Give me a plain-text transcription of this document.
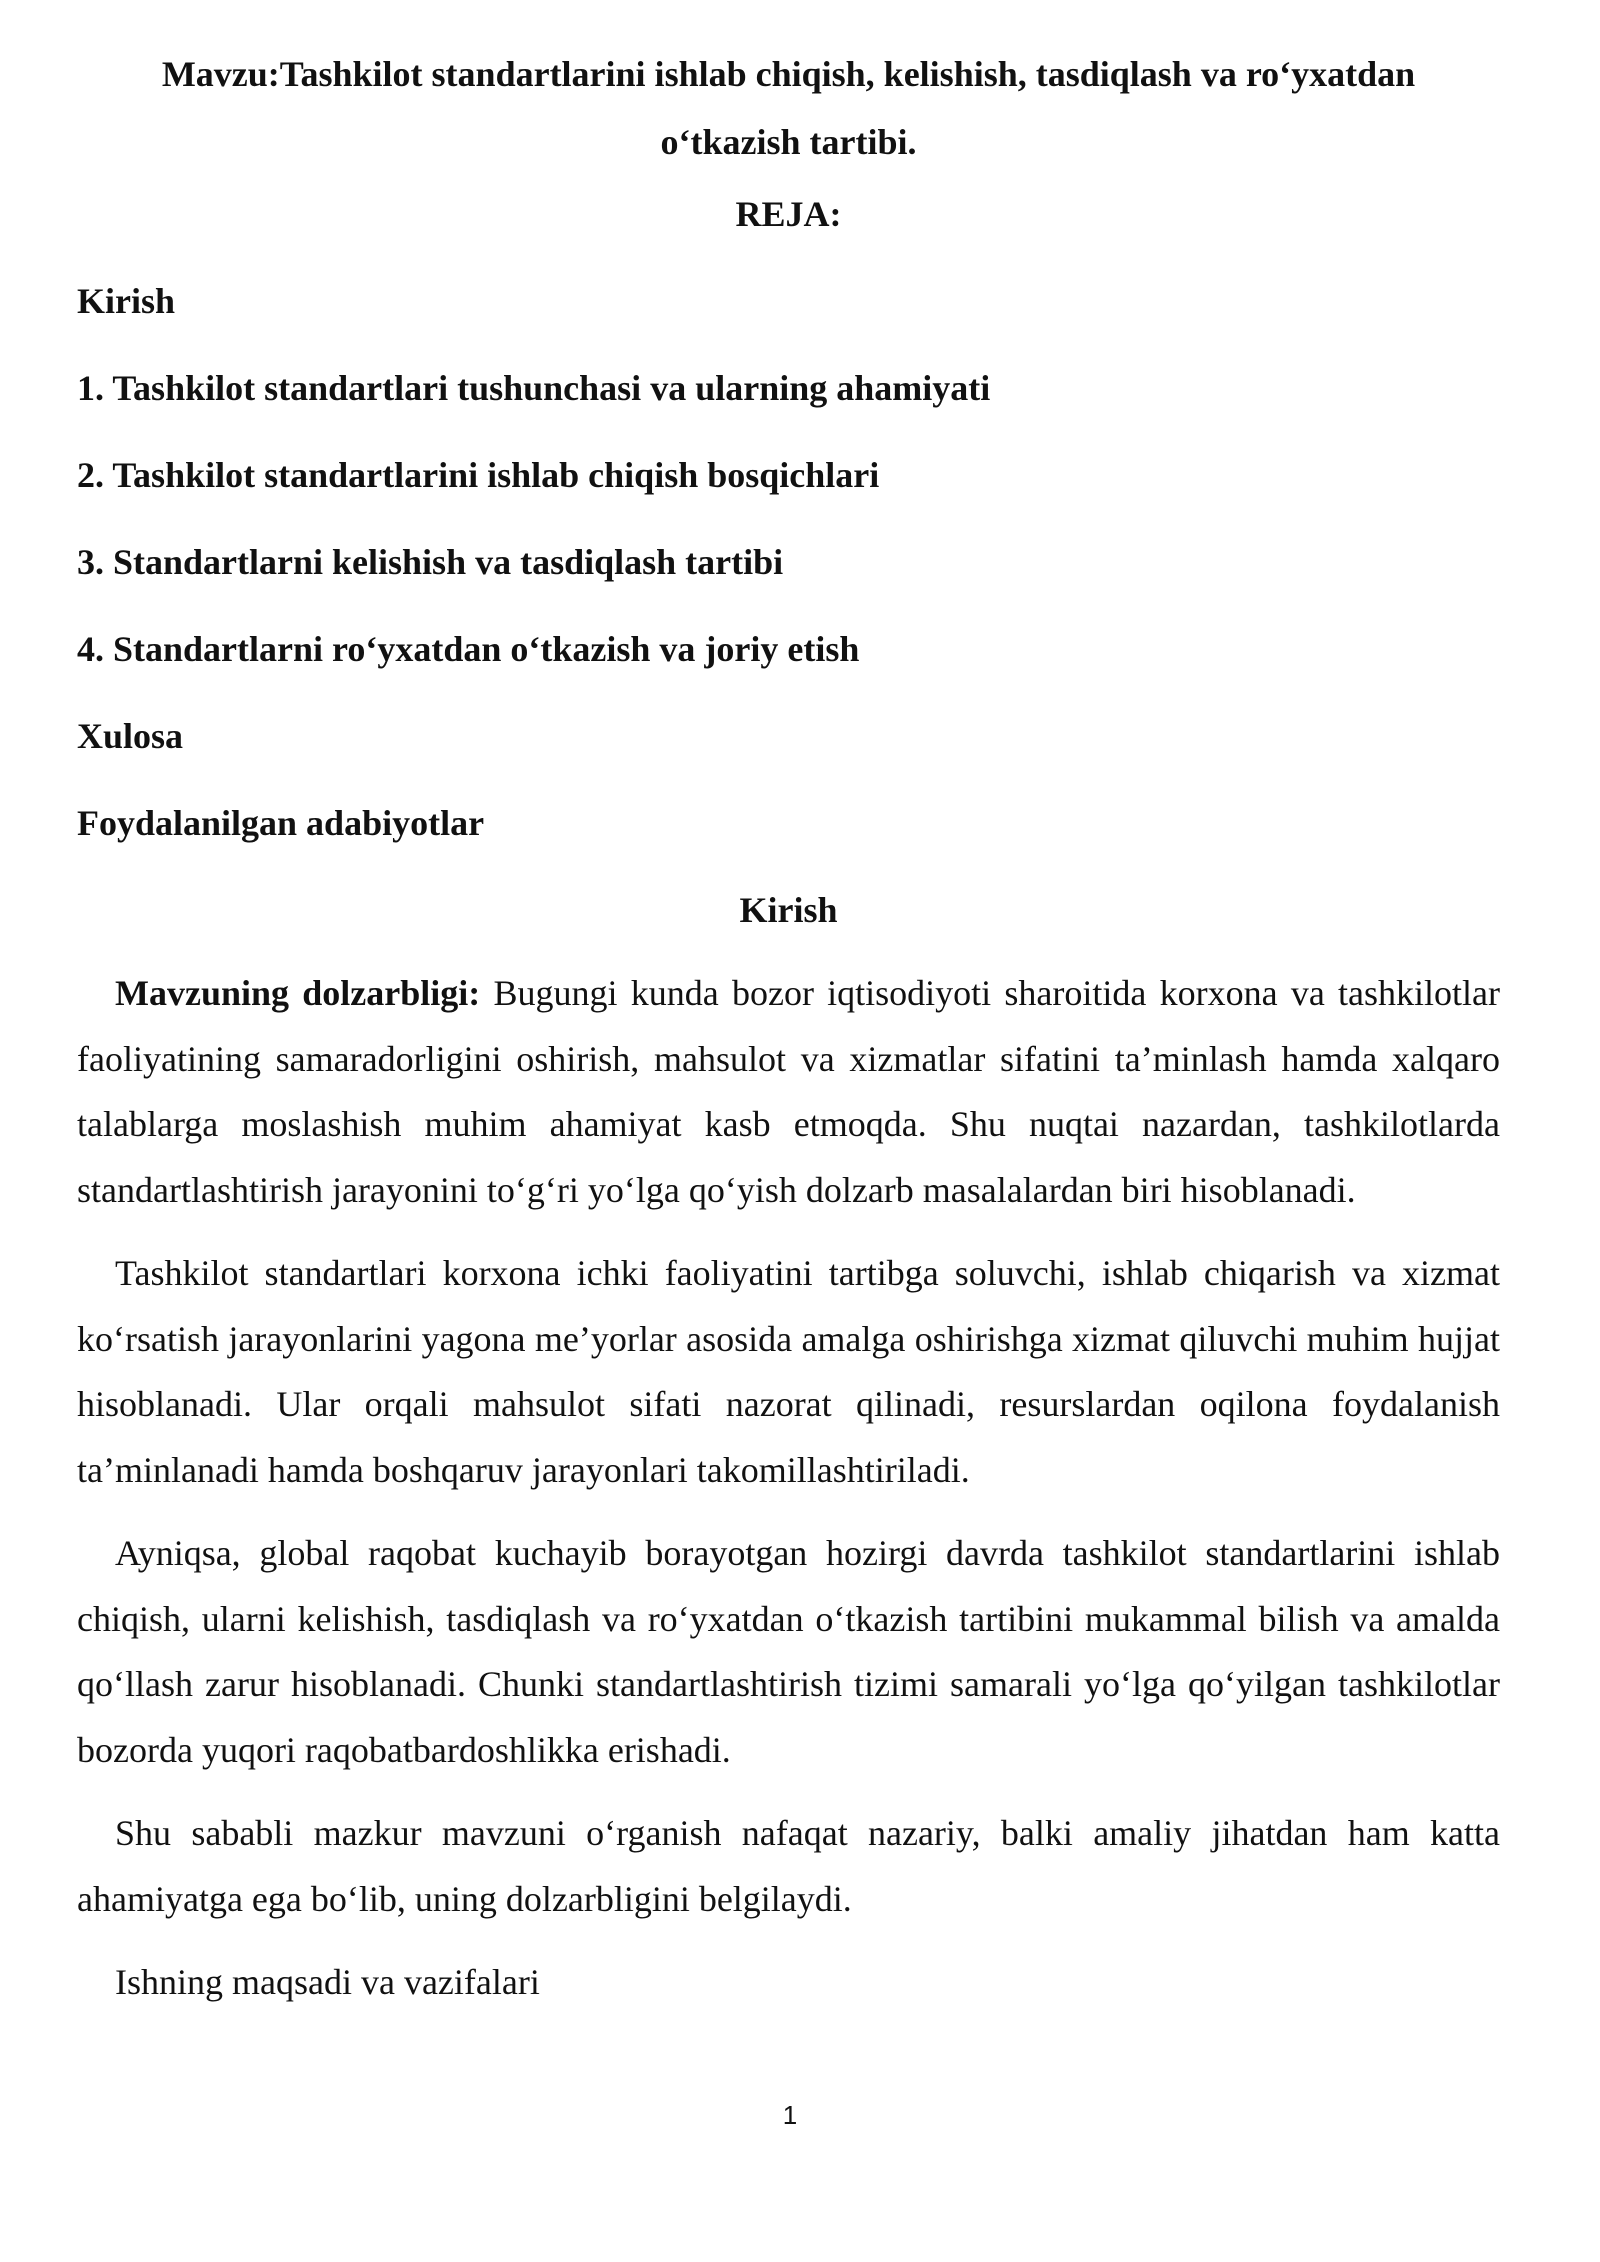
Mavzu:Tashkilot standartlarini ishlab chiqish, kelishish, tasdiqlash va ro‘yxatdan
o‘tkazish tartibi.
REJA:
Kirish
1. Tashkilot standartlari tushunchasi va ularning ahamiyati
2. Tashkilot standartlarini ishlab chiqish bosqichlari
3. Standartlarni kelishish va tasdiqlash tartibi
4. Standartlarni ro‘yxatdan o‘tkazish va joriy etish
Xulosa
Foydalanilgan adabiyotlar
Kirish

Mavzuning dolzarbligi: Bugungi kunda bozor iqtisodiyoti sharoitida korxona va tashkilotlar faoliyatining samaradorligini oshirish, mahsulot va xizmatlar sifatini ta’minlash hamda xalqaro talablarga moslashish muhim ahamiyat kasb etmoqda. Shu nuqtai nazardan, tashkilotlarda standartlashtirish jarayonini to‘g‘ri yo‘lga qo‘yish dolzarb masalalardan biri hisoblanadi.

Tashkilot standartlari korxona ichki faoliyatini tartibga soluvchi, ishlab chiqarish va xizmat ko‘rsatish jarayonlarini yagona me’yorlar asosida amalga oshirishga xizmat qiluvchi muhim hujjat hisoblanadi. Ular orqali mahsulot sifati nazorat qilinadi, resurslardan oqilona foydalanish ta’minlanadi hamda boshqaruv jarayonlari takomillashtiriladi.

Ayniqsa, global raqobat kuchayib borayotgan hozirgi davrda tashkilot standartlarini ishlab chiqish, ularni kelishish, tasdiqlash va ro‘yxatdan o‘tkazish tartibini mukammal bilish va amalda qo‘llash zarur hisoblanadi. Chunki standartlashtirish tizimi samarali yo‘lga qo‘yilgan tashkilotlar bozorda yuqori raqobatbardoshlikka erishadi.

Shu sababli mazkur mavzuni o‘rganish nafaqat nazariy, balki amaliy jihatdan ham katta ahamiyatga ega bo‘lib, uning dolzarbligini belgilaydi.

Ishning maqsadi va vazifalari

1
